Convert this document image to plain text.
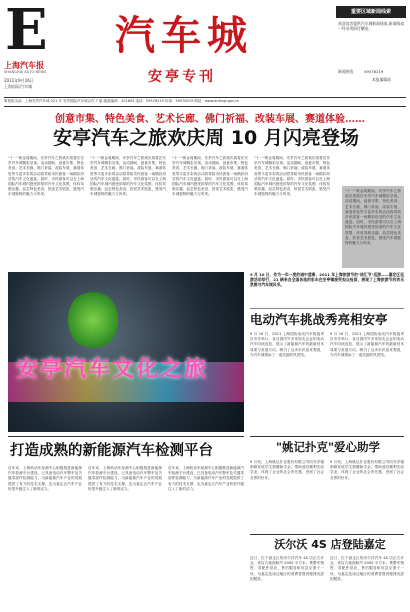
E
上海汽车报
SHANGHAI AUTO NEWS
2011年9月16日
上海国际汽车城
汽车城
安亭专刊
重要区域新闻线索
欢迎读者提供汽车城新闻线索,新闻线索一经采用即付酬金。
新闻热线	59578219
本报编辑部
策划组出品：上海安亭汽车城 021 号 安亭国际汽车城合作 7 版 邮政编码：201805 电话：59578219 传真：59578219 网址：www.antingr.gov.cn
创意市集、特色美食、艺术长廊、佛门祈福、改装车展、赛道体验……
安亭汽车之旅欢庆周 10 月闪亮登场
"十一"黄金周期间，安亭汽车之旅欢庆周将在安亭汽车城精彩呈现。活动期间，创意市集、特色美食、艺术长廊、佛门祈福、改装车展、赛道体验等丰富多彩的活动将带给市民游客一场精彩纷呈的汽车文化盛宴。届时，市民游客可以在上海国际汽车城内感受浓厚的汽车文化氛围，体验驾驶乐趣，品尝特色美食，欣赏艺术展览，感受汽车城独特的魅力与风采。
"十一"黄金周期间，安亭汽车之旅欢庆周将在安亭汽车城精彩呈现。活动期间，创意市集、特色美食、艺术长廊、佛门祈福、改装车展、赛道体验等丰富多彩的活动将带给市民游客一场精彩纷呈的汽车文化盛宴。届时，市民游客可以在上海国际汽车城内感受浓厚的汽车文化氛围，体验驾驶乐趣，品尝特色美食，欣赏艺术展览，感受汽车城独特的魅力与风采。
"十一"黄金周期间，安亭汽车之旅欢庆周将在安亭汽车城精彩呈现。活动期间，创意市集、特色美食、艺术长廊、佛门祈福、改装车展、赛道体验等丰富多彩的活动将带给市民游客一场精彩纷呈的汽车文化盛宴。届时，市民游客可以在上海国际汽车城内感受浓厚的汽车文化氛围，体验驾驶乐趣，品尝特色美食，欣赏艺术展览，感受汽车城独特的魅力与风采。
"十一"黄金周期间，安亭汽车之旅欢庆周将在安亭汽车城精彩呈现。活动期间，创意市集、特色美食、艺术长廊、佛门祈福、改装车展、赛道体验等丰富多彩的活动将带给市民游客一场精彩纷呈的汽车文化盛宴。届时，市民游客可以在上海国际汽车城内感受浓厚的汽车文化氛围，体验驾驶乐趣，品尝特色美食，欣赏艺术展览，感受汽车城独特的魅力与风采。
"十一"黄金周期间，安亭汽车之旅欢庆周将在安亭汽车城精彩呈现。活动期间，创意市集、特色美食、艺术长廊、佛门祈福、改装车展、赛道体验等丰富多彩的活动将带给市民游客一场精彩纷呈的汽车文化盛宴。届时，市民游客可以在上海国际汽车城内感受浓厚的汽车文化氛围，体验驾驶乐趣，品尝特色美食，欣赏艺术展览，感受汽车城独特的魅力与风采。
安亭汽车文化之旅
9 月 10 日，作为一年一度的城中盛事，2011 年上海旅游节的"徐汇节"巡游——嘉定区巡游活动举行，21 辆来自全国各地的彩车在安亭镇接受观众检阅，展现了上海旅游节的欢乐氛围与汽车城风采。
电动汽车挑战秀亮相安亭
9 月 16 日，2011 上海国际电动汽车挑战秀在安亭举行，来自国内外多家知名企业的电动汽车同场竞技，展示了新能源汽车的最新技术成果与发展方向，吸引了众多市民前来观看，为汽车城增添了一道亮丽的风景线。
9 月 16 日，2011 上海国际电动汽车挑战秀在安亭举行，来自国内外多家知名企业的电动汽车同场竞技，展示了新能源汽车的最新技术成果与发展方向，吸引了众多市民前来观看，为汽车城增添了一道亮丽的风景线。
打造成熟的新能源汽车检测平台
近年来，上海机动车检测中心积极推进新能源汽车检测平台建设，已具备电动汽车整车及关键零部件检测能力，为新能源汽车产业的发展提供了有力的技术支撑，也为嘉定区汽车产业转型升级注入了新的活力。
近年来，上海机动车检测中心积极推进新能源汽车检测平台建设，已具备电动汽车整车及关键零部件检测能力，为新能源汽车产业的发展提供了有力的技术支撑，也为嘉定区汽车产业转型升级注入了新的活力。
近年来，上海机动车检测中心积极推进新能源汽车检测平台建设，已具备电动汽车整车及关键零部件检测能力，为新能源汽车产业的发展提供了有力的技术支撑，也为嘉定区汽车产业转型升级注入了新的活力。
"姚记扑克"爱心助学
9 月初，上海姚记扑克股份有限公司向安亭镇困难家庭学生捐赠助学金，帮助他们顺利完成学业，体现了企业的社会责任感，受到了社会各界的好评。
9 月初，上海姚记扑克股份有限公司向安亭镇困难家庭学生捐赠助学金，帮助他们顺利完成学业，体现了企业的社会责任感，受到了社会各界的好评。
沃尔沃 4S 店登陆嘉定
近日，位于嘉定区的沃尔沃汽车 4S 店正式开业，该店占地面积约 5000 平方米，集整车销售、零配件供应、售后服务和信息反馈于一体，为嘉定及周边地区的消费者提供便捷优质的服务。
近日，位于嘉定区的沃尔沃汽车 4S 店正式开业，该店占地面积约 5000 平方米，集整车销售、零配件供应、售后服务和信息反馈于一体，为嘉定及周边地区的消费者提供便捷优质的服务。
